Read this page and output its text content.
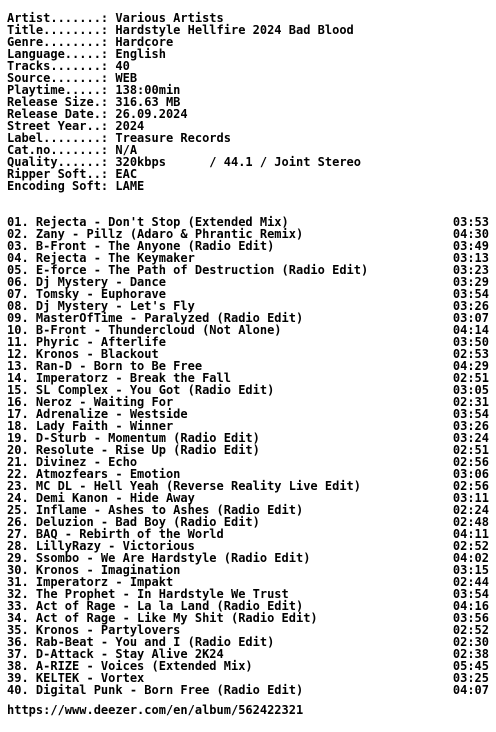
Artist.......: Various Artists
Title........: Hardstyle Hellfire 2024 Bad Blood
Genre........: Hardcore
Language.....: English
Tracks.......: 40
Source.......: WEB
Playtime.....: 138:00min
Release Size.: 316.63 MB
Release Date.: 26.09.2024
Street Year..: 2024
Label........: Treasure Records
Cat.no.......: N/A
Quality......: 320kbps      / 44.1 / Joint Stereo
Ripper Soft..: EAC
Encoding Soft: LAME
01. Rejecta - Don't Stop (Extended Mix)	03:53
02. Zany - Pillz (Adaro & Phrantic Remix)	04:30
03. B-Front - The Anyone (Radio Edit)	03:49
04. Rejecta - The Keymaker	03:13
05. E-force - The Path of Destruction (Radio Edit)	03:23
06. Dj Mystery - Dance	03:29
07. Tomsky - Euphorave	03:54
08. Dj Mystery - Let's Fly	03:26
09. MasterOfTime - Paralyzed (Radio Edit)	03:07
10. B-Front - Thundercloud (Not Alone)	04:14
11. Phyric - Afterlife	03:50
12. Kronos - Blackout	02:53
13. Ran-D - Born to Be Free	04:29
14. Imperatorz - Break the Fall	02:51
15. SL Complex - You Got (Radio Edit)	03:05
16. Neroz - Waiting For	02:31
17. Adrenalize - Westside	03:54
18. Lady Faith - Winner	03:26
19. D-Sturb - Momentum (Radio Edit)	03:24
20. Resolute - Rise Up (Radio Edit)	02:51
21. Divinez - Echo	02:56
22. Atmozfears - Emotion	03:06
23. MC DL - Hell Yeah (Reverse Reality Live Edit)	02:56
24. Demi Kanon - Hide Away	03:11
25. Inflame - Ashes to Ashes (Radio Edit)	02:24
26. Deluzion - Bad Boy (Radio Edit)	02:48
27. BAQ - Rebirth of the World	04:11
28. LillyRazy - Victorious	02:52
29. Ssombo - We Are Hardstyle (Radio Edit)	04:02
30. Kronos - Imagination	03:15
31. Imperatorz - Impakt	02:44
32. The Prophet - In Hardstyle We Trust	03:54
33. Act of Rage - La la Land (Radio Edit)	04:16
34. Act of Rage - Like My Shit (Radio Edit)	03:56
35. Kronos - Partylovers	02:52
36. Rab-Beat - You and I (Radio Edit)	02:30
37. D-Attack - Stay Alive 2K24	02:38
38. A-RIZE - Voices (Extended Mix)	05:45
39. KELTEK - Vortex	03:25
40. Digital Punk - Born Free (Radio Edit)	04:07
https://www.deezer.com/en/album/562422321
